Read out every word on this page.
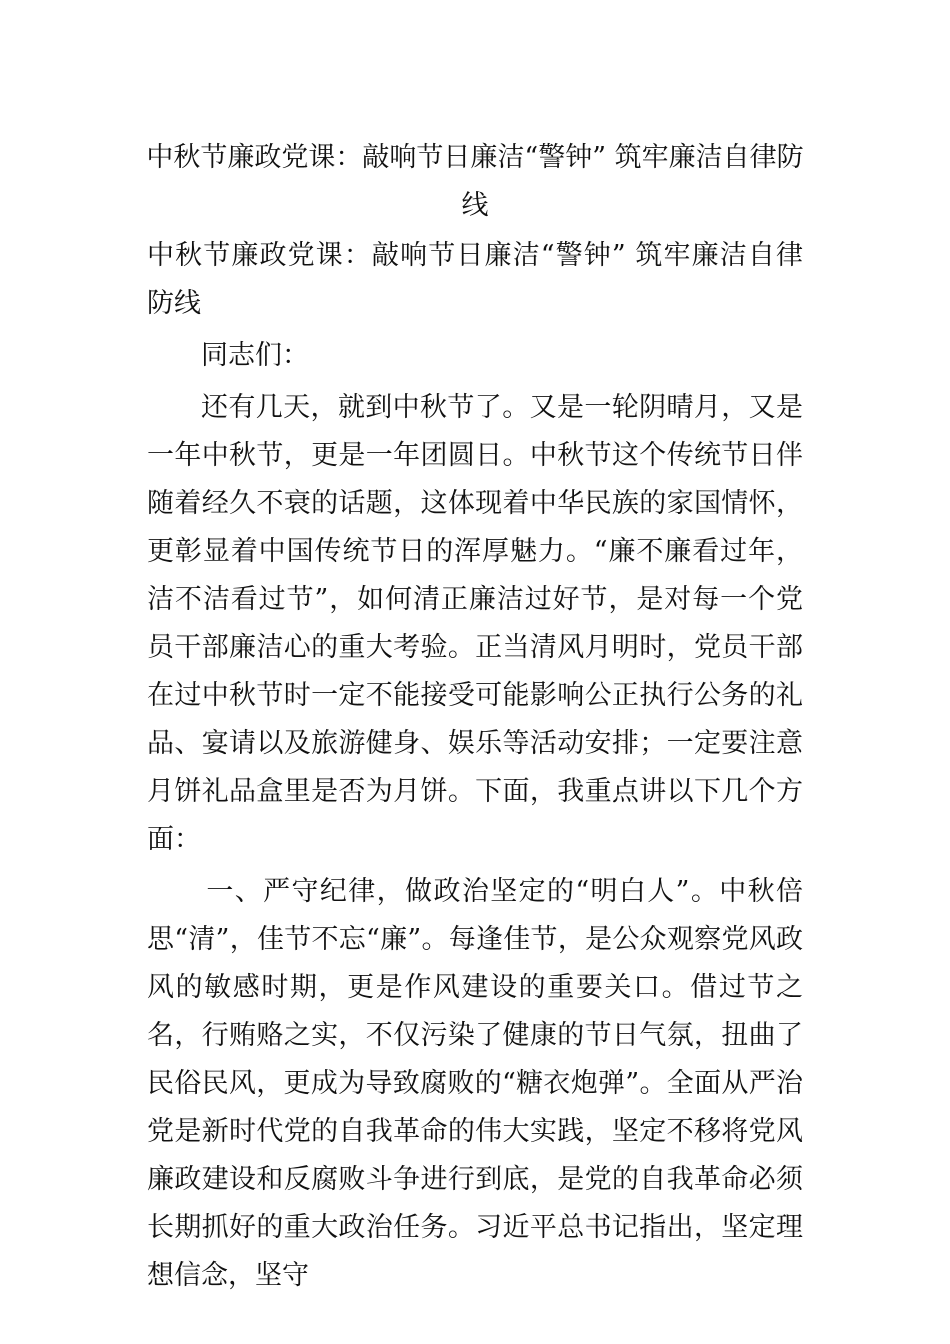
中秋节廉政党课：敲响节日廉洁“警钟” 筑牢廉洁自律防线

中秋节廉政党课：敲响节日廉洁“警钟” 筑牢廉洁自律防线

同志们：

还有几天，就到中秋节了。又是一轮阴晴月，又是一年中秋节，更是一年团圆日。中秋节这个传统节日伴随着经久不衰的话题，这体现着中华民族的家国情怀，更彰显着中国传统节日的浑厚魅力。“廉不廉看过年，洁不洁看过节”，如何清正廉洁过好节，是对每一个党员干部廉洁心的重大考验。正当清风月明时，党员干部在过中秋节时一定不能接受可能影响公正执行公务的礼品、宴请以及旅游健身、娱乐等活动安排；一定要注意月饼礼品盒里是否为月饼。下面，我重点讲以下几个方面：

一、严守纪律，做政治坚定的“明白人”。中秋倍思“清”，佳节不忘“廉”。每逢佳节，是公众观察党风政风的敏感时期，更是作风建设的重要关口。借过节之名，行贿赂之实，不仅污染了健康的节日气氛，扭曲了民俗民风，更成为导致腐败的“糖衣炮弹”。全面从严治党是新时代党的自我革命的伟大实践，坚定不移将党风廉政建设和反腐败斗争进行到底，是党的自我革命必须长期抓好的重大政治任务。习近平总书记指出，坚定理想信念，坚守
